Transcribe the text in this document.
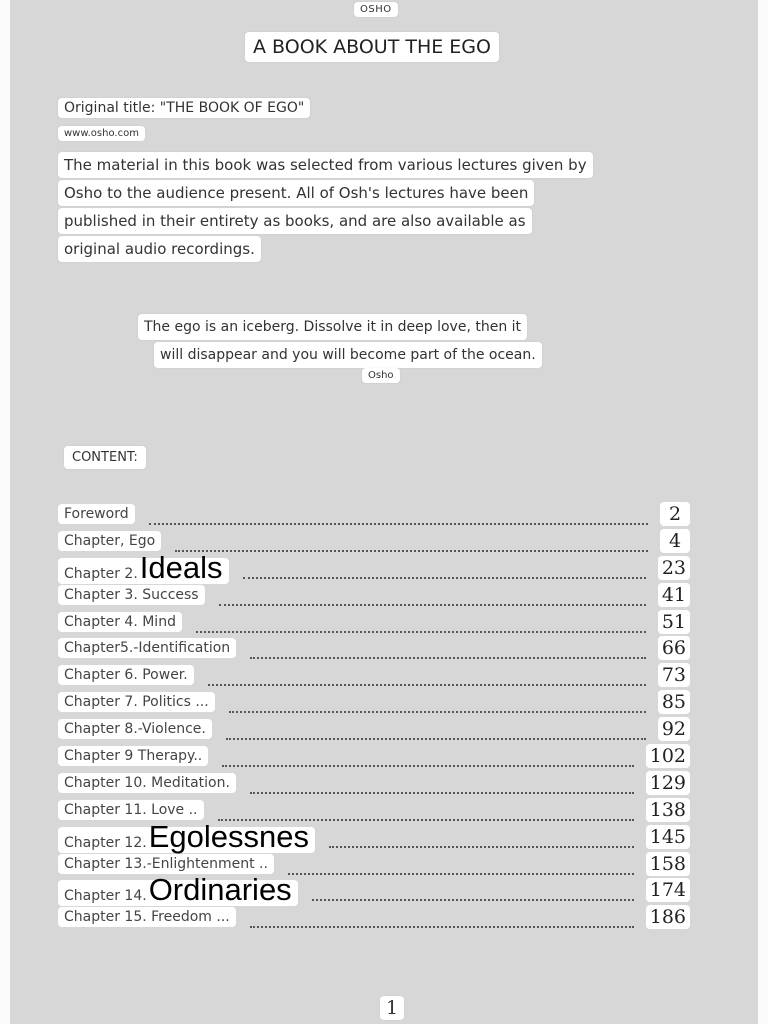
OSHO
A BOOK ABOUT THE EGO
Original title: "THE BOOK OF EGO"
www.osho.com
The material in this book was selected from various lectures given by
Osho to the audience present. All of Osh's lectures have been
published in their entirety as books, and are also available as
original audio recordings.
The ego is an iceberg. Dissolve it in deep love, then it
will disappear and you will become part of the ocean.
Osho
CONTENT:
Foreword	2
Chapter, Ego	4
Chapter 2.Ideals	23
Chapter 3. Success	41
Chapter 4. Mind	51
Chapter5.-Identification	66
Chapter 6. Power.	73
Chapter 7. Politics ...	85
Chapter 8.-Violence.	92
Chapter 9 Therapy..	102
Chapter 10. Meditation.	129
Chapter 11. Love ..	138
Chapter 12.Egolessnes	145
Chapter 13.-Enlightenment ..	158
Chapter 14.Ordinaries	174
Chapter 15. Freedom ...	186
1
